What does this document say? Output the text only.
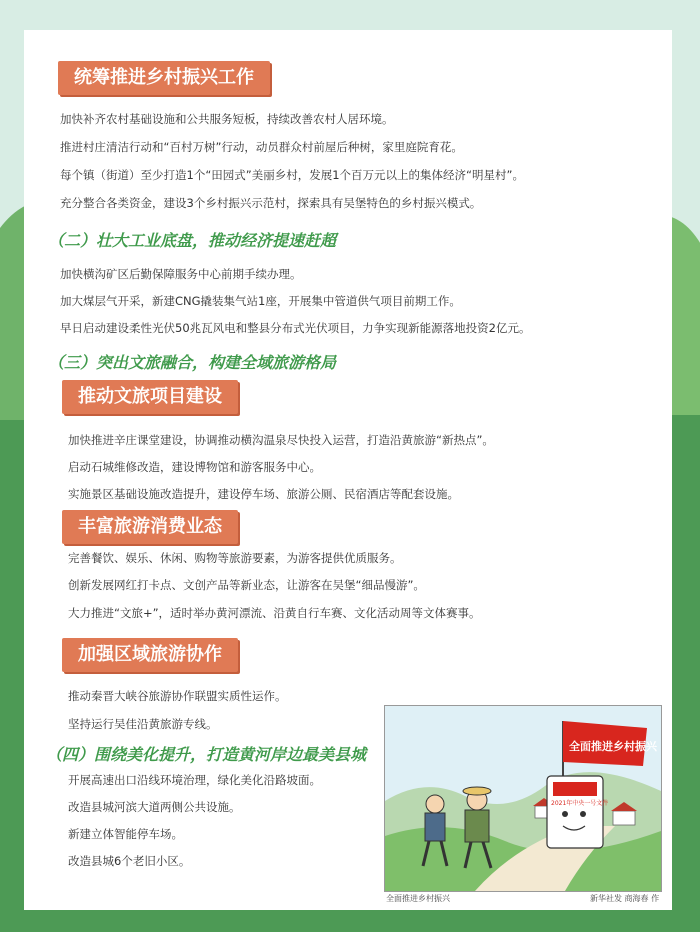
统筹推进乡村振兴工作
加快补齐农村基础设施和公共服务短板，持续改善农村人居环境。
推进村庄清洁行动和“百村万树”行动，动员群众村前屋后种树，家里庭院育花。
每个镇（街道）至少打造1个“田园式”美丽乡村，发展1个百万元以上的集体经济“明星村”。
充分整合各类资金，建设3个乡村振兴示范村，探索具有吴堡特色的乡村振兴模式。
（二）壮大工业底盘，推动经济提速赶超
加快横沟矿区后勤保障服务中心前期手续办理。
加大煤层气开采，新建CNG撬装集气站1座，开展集中管道供气项目前期工作。
早日启动建设柔性光伏50兆瓦风电和整县分布式光伏项目，力争实现新能源落地投资2亿元。
（三）突出文旅融合，构建全域旅游格局
推动文旅项目建设
加快推进辛庄课堂建设，协调推动横沟温泉尽快投入运营，打造沿黄旅游“新热点”。
启动石城维修改造，建设博物馆和游客服务中心。
实施景区基础设施改造提升，建设停车场、旅游公厕、民宿酒店等配套设施。
丰富旅游消费业态
完善餐饮、娱乐、休闲、购物等旅游要素，为游客提供优质服务。
创新发展网红打卡点、文创产品等新业态，让游客在吴堡“细品慢游”。
大力推进“文旅+”，适时举办黄河漂流、沿黄自行车赛、文化活动周等文体赛事。
加强区域旅游协作
推动秦晋大峡谷旅游协作联盟实质性运作。
坚持运行吴佳沿黄旅游专线。
（四）围绕美化提升，打造黄河岸边最美县城
开展高速出口沿线环境治理，绿化美化沿路坡面。
改造县城河滨大道两侧公共设施。
新建立体智能停车场。
改造县城6个老旧小区。
全面推进乡村振兴
2021年中央一号文件
全面推进乡村振兴	新华社发 商海春 作
